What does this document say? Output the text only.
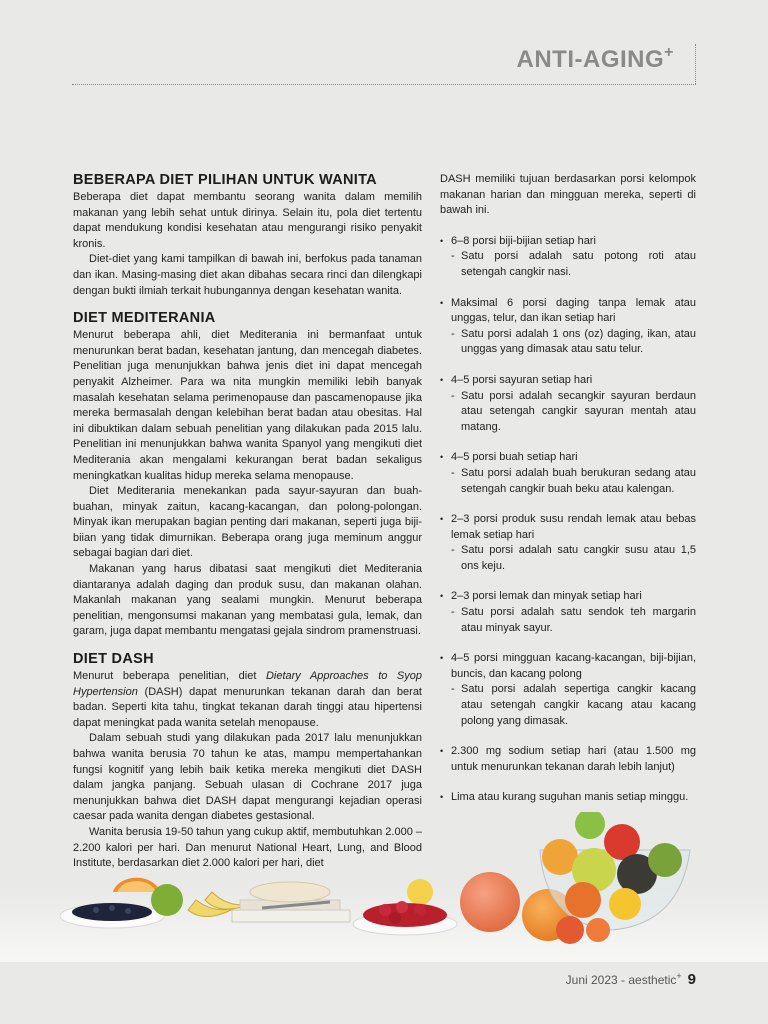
ANTI-AGING+
BEBERAPA DIET PILIHAN UNTUK WANITA

Beberapa diet dapat membantu seorang wanita dalam memilih makanan yang lebih sehat untuk dirinya. Selain itu, pola diet tertentu dapat mendukung kondisi kesehatan atau mengurangi risiko penyakit kronis.

Diet-diet yang kami tampilkan di bawah ini, berfokus pada tanaman dan ikan. Masing-masing diet akan dibahas secara rinci dan dilengkapi dengan bukti ilmiah terkait hubungannya dengan kesehatan wanita.

DIET MEDITERANIA

Menurut beberapa ahli, diet Mediterania ini bermanfaat untuk menurunkan berat badan, kesehatan jantung, dan mencegah diabetes. Penelitian juga menunjukkan bahwa jenis diet ini dapat mencegah penyakit Alzheimer. Para wa nita mungkin memiliki lebih banyak masalah kesehatan selama perimenopause dan pascamenopause jika mereka bermasalah dengan kelebihan berat badan atau obesitas. Hal ini dibuktikan dalam sebuah penelitian yang dilakukan pada 2015 lalu. Penelitian ini menunjukkan bahwa wanita Spanyol yang mengikuti diet Mediterania akan mengalami kekurangan berat badan sekaligus meningkatkan kualitas hidup mereka selama menopause.

Diet Mediterania menekankan pada sayur-sayuran dan buah-buahan, minyak zaitun, kacang-kacangan, dan polong-polongan. Minyak ikan merupakan bagian penting dari makanan, seperti juga biji-biian yang tidak dimurnikan. Beberapa orang juga meminum anggur sebagai bagian dari diet.

Makanan yang harus dibatasi saat mengikuti diet Mediterania diantaranya adalah daging dan produk susu, dan makanan olahan. Makanlah makanan yang sealami mungkin. Menurut beberapa penelitian, mengonsumsi makanan yang membatasi gula, lemak, dan garam, juga dapat membantu mengatasi gejala sindrom pramenstruasi.

DIET DASH

Menurut beberapa penelitian, diet Dietary Approaches to Syop Hypertension (DASH) dapat menurunkan tekanan darah dan berat badan. Seperti kita tahu, tingkat tekanan darah tinggi atau hipertensi dapat meningkat pada wanita setelah menopause.

Dalam sebuah studi yang dilakukan pada 2017 lalu menunjukkan bahwa wanita berusia 70 tahun ke atas, mampu mempertahankan fungsi kognitif yang lebih baik ketika mereka mengikuti diet DASH dalam jangka panjang. Sebuah ulasan di Cochrane 2017 juga menunjukkan bahwa diet DASH dapat mengurangi kejadian operasi caesar pada wanita dengan diabetes gestasional.

Wanita berusia 19-50 tahun yang cukup aktif, membutuhkan 2.000 – 2.200 kalori per hari. Dan menurut National Heart, Lung, and Blood Institute, berdasarkan diet 2.000 kalori per hari, diet

DASH memiliki tujuan berdasarkan porsi kelompok makanan harian dan mingguan mereka, seperti di bawah ini.

• 6–8 porsi biji-bijian setiap hari
- Satu porsi adalah satu potong roti atau setengah cangkir nasi.
• Maksimal 6 porsi daging tanpa lemak atau unggas, telur, dan ikan setiap hari
- Satu porsi adalah 1 ons (oz) daging, ikan, atau unggas yang dimasak atau satu telur.
• 4–5 porsi sayuran setiap hari
- Satu porsi adalah secangkir sayuran berdaun atau setengah cangkir sayuran mentah atau matang.
• 4–5 porsi buah setiap hari
- Satu porsi adalah buah berukuran sedang atau setengah cangkir buah beku atau kalengan.
• 2–3 porsi produk susu rendah lemak atau bebas lemak setiap hari
- Satu porsi adalah satu cangkir susu atau 1,5 ons keju.
• 2–3 porsi lemak dan minyak setiap hari
- Satu porsi adalah satu sendok teh margarin atau minyak sayur.
• 4–5 porsi mingguan kacang-kacangan, biji-bijian, buncis, dan kacang polong
- Satu porsi adalah sepertiga cangkir kacang atau setengah cangkir kacang atau kacang polong yang dimasak.
• 2.300 mg sodium setiap hari (atau 1.500 mg untuk menurunkan tekanan darah lebih lanjut)
• Lima atau kurang suguhan manis setiap minggu.
Juni 2023 - aesthetic+ 9
